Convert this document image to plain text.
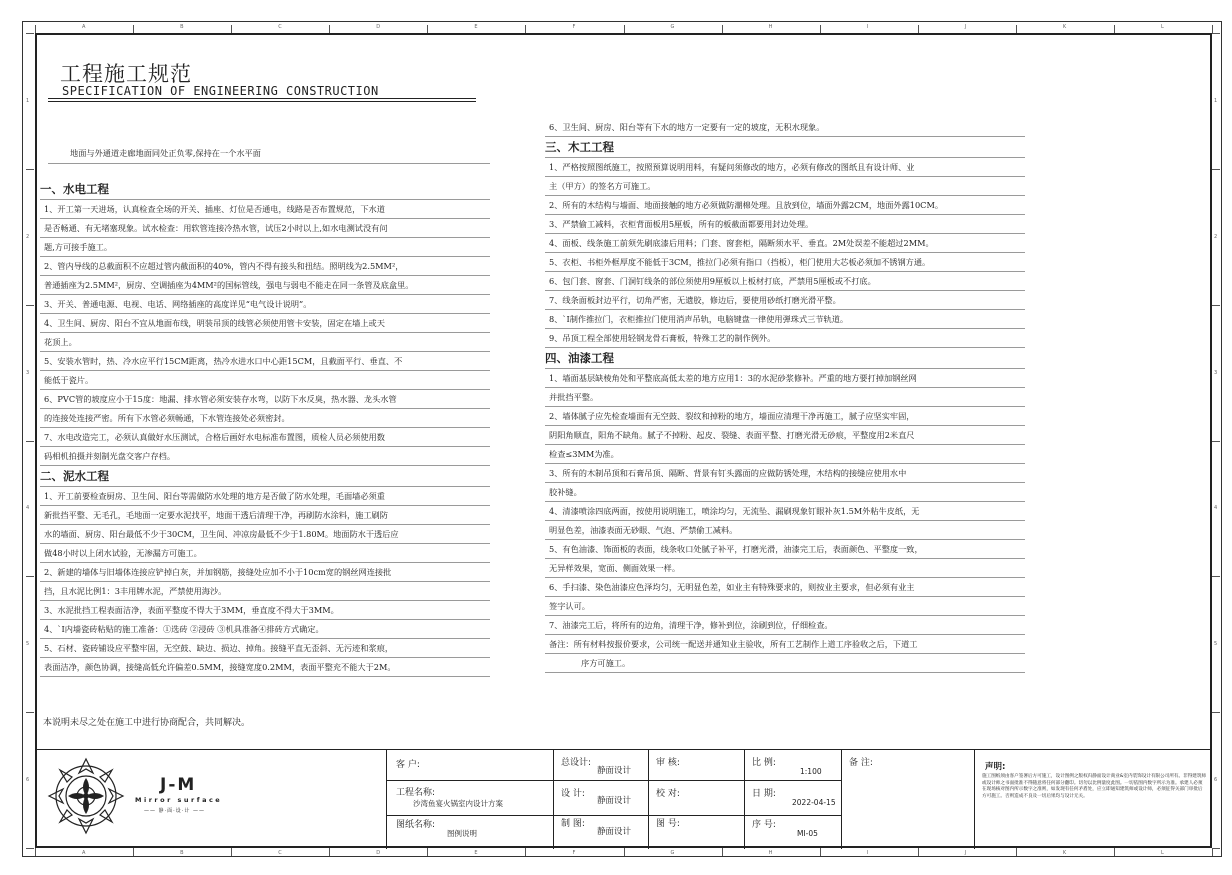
A	B	C	D	E	F	G	H	I	J	K	L
A	B	C	D	E	F	G	H	I	J	K	L
1
2
3
4
5
6
1
2
3
4
5
6
工程施工规范
SPECIFICATION OF ENGINEERING CONSTRUCTION
地面与外通道走廊地面同处正负零,保持在一个水平面
一、水电工程
1、开工第一天进场，认真检查全场的开关、插座、灯位是否通电，线路是否布置规范，下水道
是否畅通、有无堵塞现象。试水检查：用软管连接冷热水管，试压2小时以上,如水电测试没有问
题,方可接手施工。
2、管内导线的总截面积不应超过管内截面积的40%，管内不得有接头和扭结。照明线为2.5MM²，
普通插座为2.5MM²，厨房、空调插座为4MM²的国标管线，强电与弱电不能走在同一条管及底盒里。
3、开关、普通电源、电视、电话、网络插座的高度详见“电气设计说明”。
4、卫生间、厨房、阳台不宜从地面布线，明装吊顶的线管必须使用管卡安装，固定在墙上或天
花顶上。
5、安装水管时，热、冷水应平行15CM距离，热冷水进水口中心距15CM，且截面平行、垂直、不
能低于瓷片。
6、PVC管的坡度应小于15度：地漏、排水管必须安装存水弯，以防下水反臭，热水器、龙头水管
的连接处连接严密。所有下水管必须畅通，下水管连接处必须密封。
7、水电改造完工，必须认真做好水压测试，合格后画好水电标准布置图，质检人员必须使用数
码相机拍摄并刻制光盘交客户存档。
二、泥水工程
1、开工前要检查厨房、卫生间、阳台等需做防水处理的地方是否做了防水处理，毛面墙必须重
新批挡平整、无毛孔，毛地面一定要水泥找平，地面干透后清理干净，再刷防水涂料，施工刷防
水的墙面、厨房、阳台最低不少于30CM，卫生间、冲凉房最低不少于1.80M。地面防水干透后应
做48小时以上闭水试验，无渗漏方可施工。
2、新建的墙体与旧墙体连接应铲掉白灰，并加钢筋，接缝处应加不小于10cm宽的钢丝网连接批
挡，且水泥比例1：3丰用牌水泥，严禁使用海沙。
3、水泥批挡工程表面洁净，表面平整度不得大于3MM，垂直度不得大于3MM。
4、`I内墙瓷砖粘贴的施工准备：①选砖 ②浸砖 ③机具准备④排砖方式确定。
5、石材、瓷砖铺设应平整牢固，无空鼓、缺边、损边、掉角。接缝平直无歪斜、无污迹和浆痕，
表面洁净，颜色协调，接缝高低允许偏差0.5MM，接缝宽度0.2MM，表面平整充不能大于2M。
6、卫生间、厨房、阳台等有下水的地方一定要有一定的坡度，无积水现象。
三、木工工程
1、严格按照图纸施工，按照预算说明用料，有疑问须修改的地方，必须有修改的图纸且有设计师、业
主（甲方）的签名方可施工。
2、所有的木结构与墙面、地面接触的地方必须做防潮棉处理。且放到位，墙面外露2CM，地面外露10CM。
3、严禁偷工减料，衣柜背面板用5厘板，所有的板截面都要用封边处理。
4、面板、线条施工前须先刷底漆后用料；门套、窗套柜，隔断须水平、垂直。2M处误差不能超过2MM。
5、衣柜、书柜外框厚度不能低于3CM，推拉门必须有指口（挡板），柜门使用大芯板必须加不锈钢方通。
6、包门套、窗套、门洞钉线条的部位须使用9厘板以上板材打底，严禁用5厘板或不打底。
7、线条面板封边平行，切角严密，无遗胶，修边后，要使用砂纸打磨光滑平整。
8、`I制作推拉门，衣柜推拉门使用消声吊轨，电脑键盘一律使用弹珠式三节轨道。
9、吊顶工程全部使用轻钢龙骨石膏板，特殊工艺的制作例外。
四、油漆工程
1、墙面基层缺棱角处和平整底高低太差的地方应用1：3的水泥砂浆修补。严重的地方要打掉加钢丝网
并批挡平整。
2、墙体腻子应先检查墙面有无空鼓、裂纹和掉粉的地方，墙面应清理干净再施工，腻子应坚实牢固，
阴阳角顺直，阳角不缺角。腻子不掉粉、起皮、裂缝、表面平整、打磨光滑无砂痕，平整度用2米直尺
检查≤3MM为准。
3、所有的木制吊顶和石膏吊顶、隔断、背景有钉头露面的应做防锈处理，木结构的接缝应使用水中
胶补缝。
4、清漆喷涂四底两面，按使用说明施工，喷涂均匀，无流坠、漏刷现象钉眼补灰1.5M外粘牛皮纸，无
明显色差，油漆表面无砂眼、气泡、严禁偷工减料。
5、有色油漆、饰面板的表面，线条收口处腻子补平，打磨光滑，油漆完工后，表面颜色、平整度一致，
无异样效果，宽面、侧面效果一样。
6、手扫漆、染色油漆应色泽均匀，无明显色差，如业主有特殊要求的，则按业主要求，但必须有业主
签字认可。
7、油漆完工后，将所有的边角，清理干净，修补到位，涂刷到位，仔细检查。
备注：所有材料按报价要求，公司统一配送并通知业主验收，所有工艺制作上道工序验收之后，下道工
序方可施工。
本说明未尽之处在施工中进行协商配合，共同解决。
J-M
Mirror surface
—— 静·面·设·计 ——
客 户:
工程名称:
沙湾鱼宴火锅室内设计方案
图纸名称:
图例说明
总设计:
静面设计
设 计:
静面设计
制 图:
静面设计
审 核:
校 对:
图 号:
比 例:
1:100
日 期:
2022-04-15
序 号:
MI-05
备 注:	声明:
施工图纸须由客户签署后方可施工，设计图例之版权归静面设计商业&室内装饰设计有限公司所有。非得建筑师或设计师之书面批准不得随意将任何部分翻印。切勿以比例量度此图。一切依图内数字所示为准。承建人必须在现场核对图内所示数字之准则，如发现有任何矛盾处，应立即通知建筑师或设计师，必须征得关部门审批后方可施工。否则造成不良及一切后果均与设计无关。
